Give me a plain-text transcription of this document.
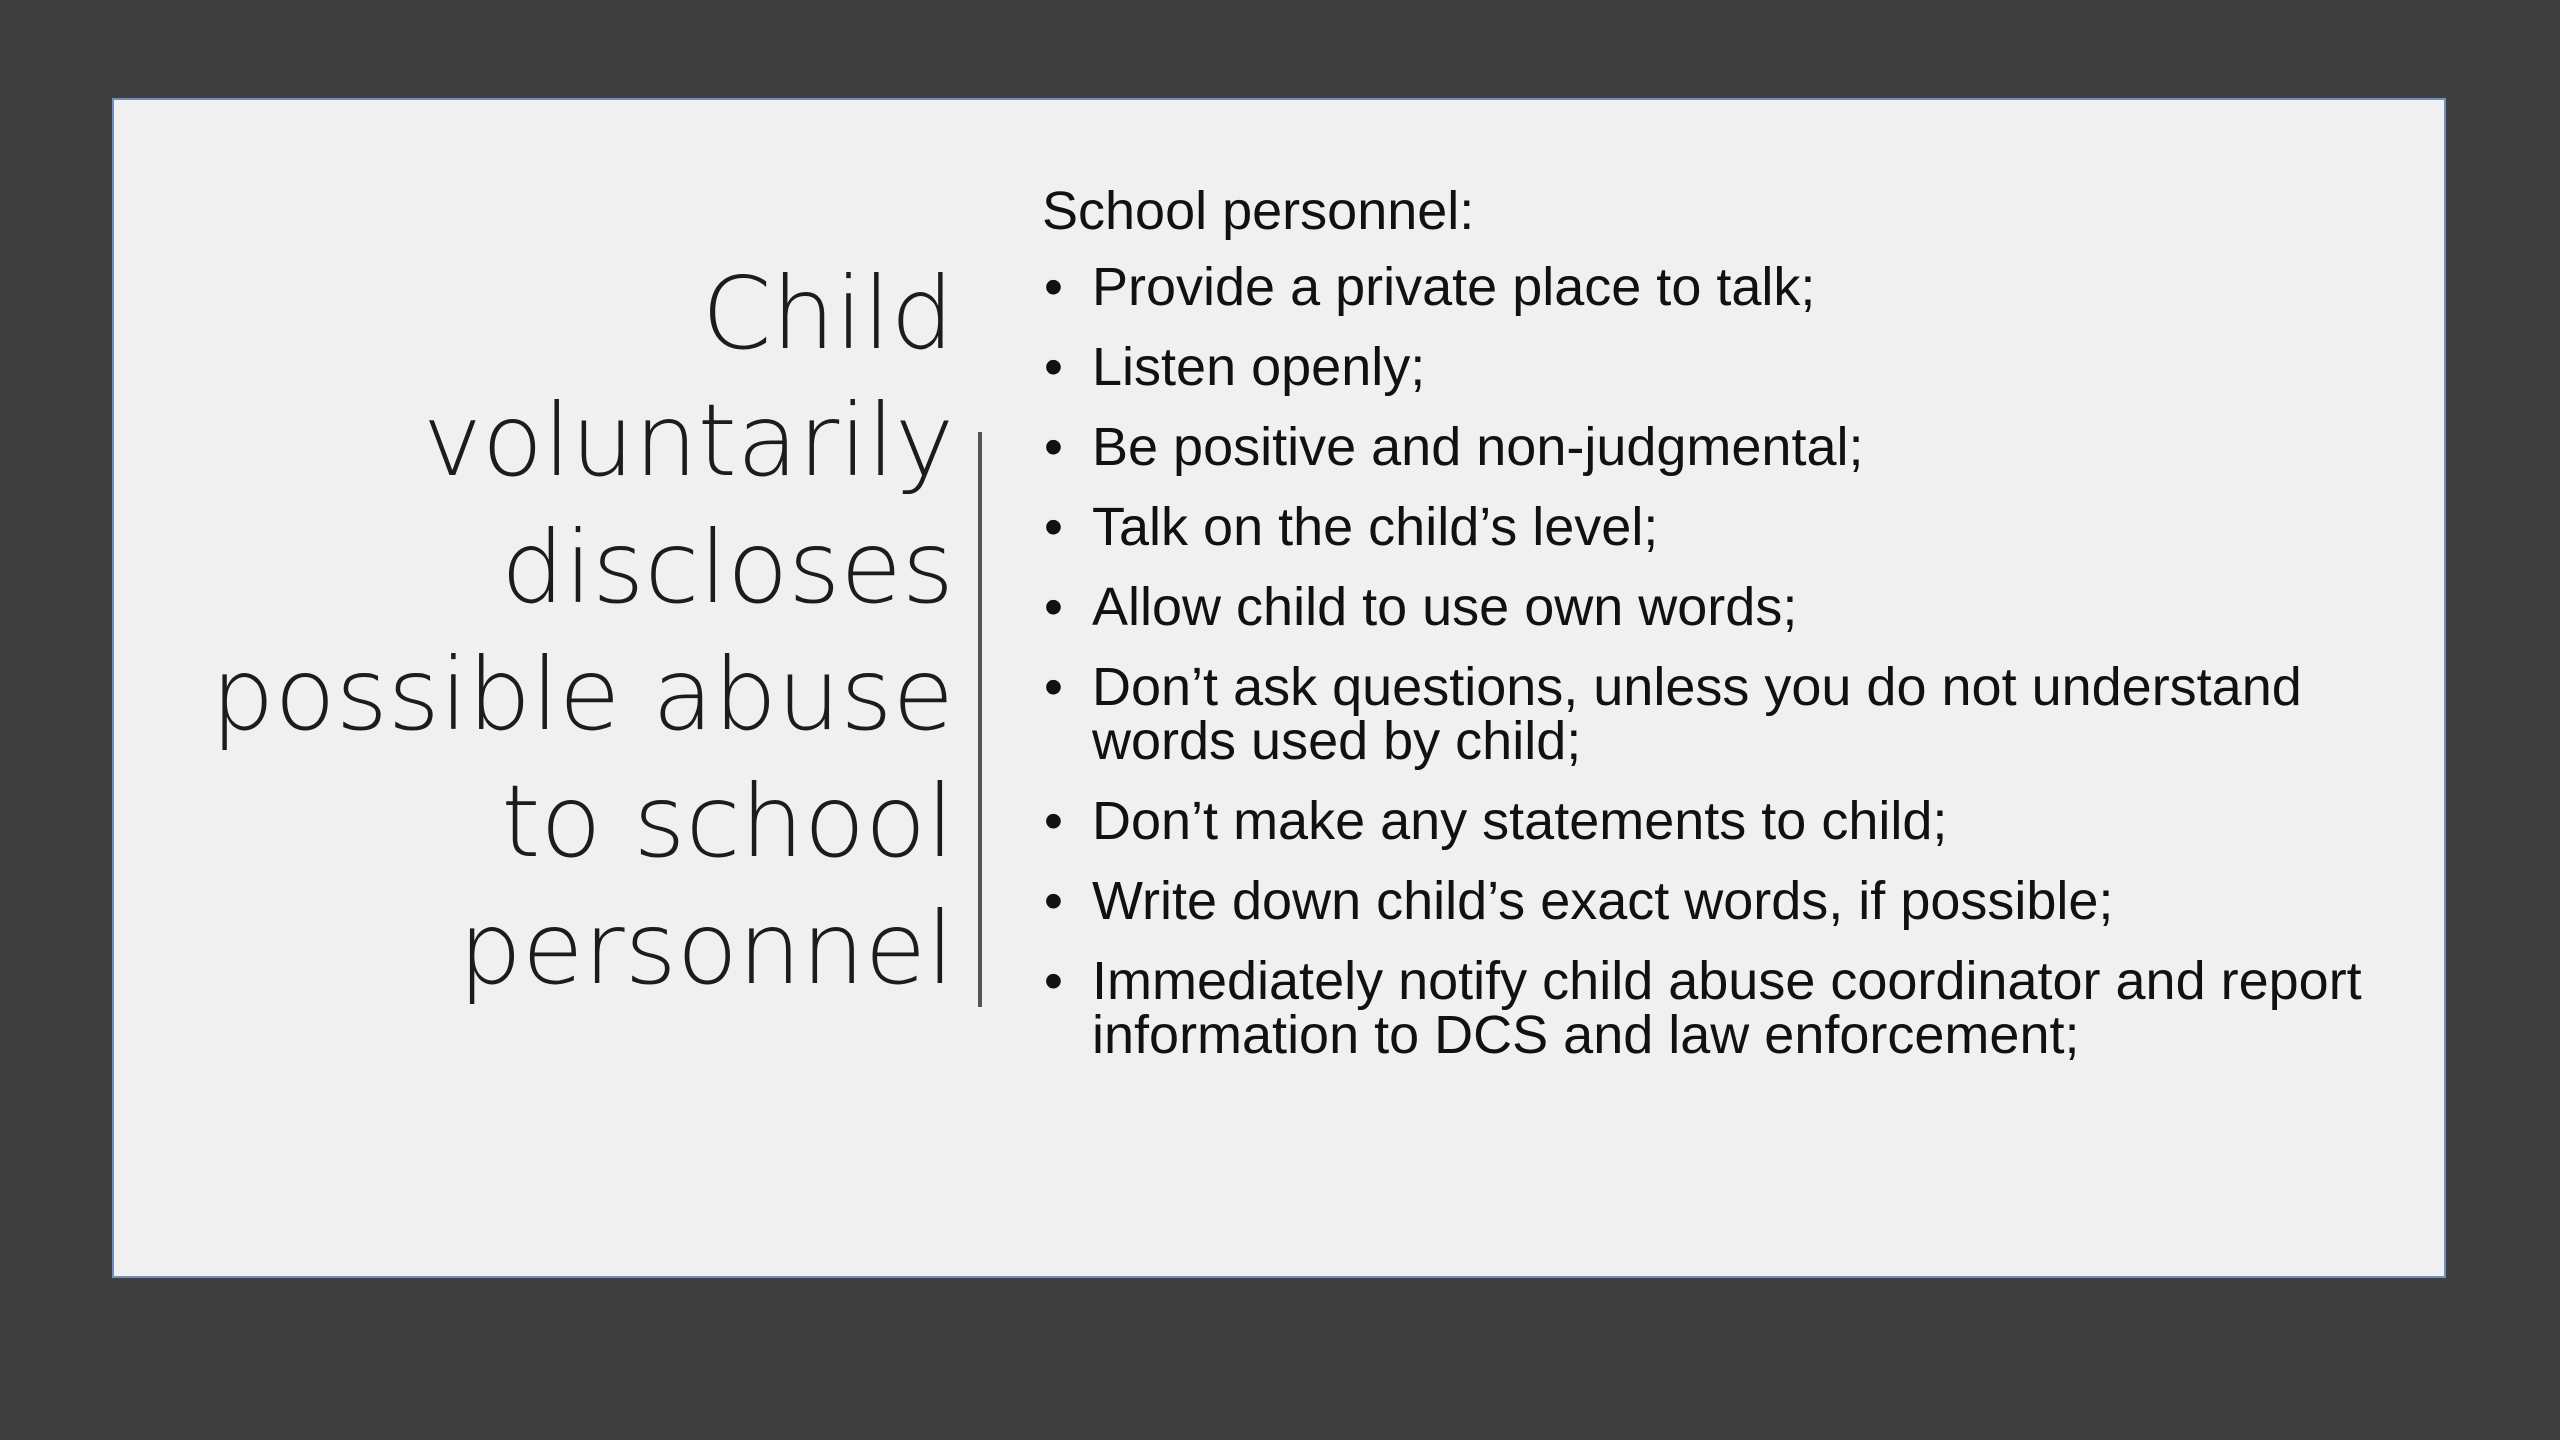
Child voluntarily discloses possible abuse to school personnel
School personnel:
• Provide a private place to talk;
• Listen openly;
• Be positive and non-judgmental;
• Talk on the child’s level;
• Allow child to use own words;
• Don’t ask questions, unless you do not understand words used by child;
• Don’t make any statements to child;
• Write down child’s exact words, if possible;
• Immediately notify child abuse coordinator and report information to DCS and law enforcement;
